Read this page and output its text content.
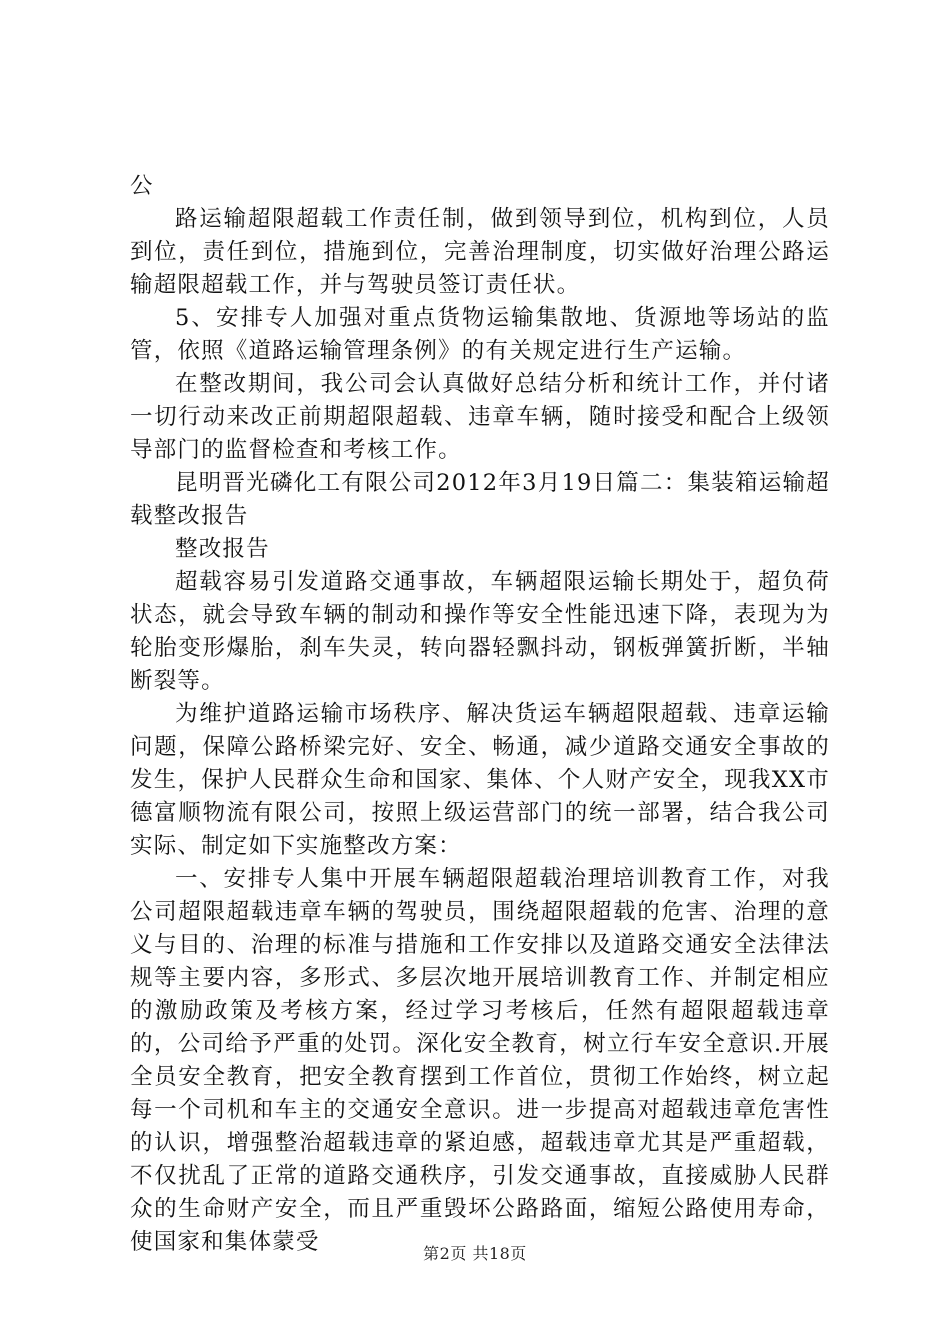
公

路运输超限超载工作责任制，做到领导到位，机构到位，人员到位，责任到位，措施到位，完善治理制度，切实做好治理公路运输超限超载工作，并与驾驶员签订责任状。

5、安排专人加强对重点货物运输集散地、货源地等场站的监管，依照《道路运输管理条例》的有关规定进行生产运输。

在整改期间，我公司会认真做好总结分析和统计工作，并付诸一切行动来改正前期超限超载、违章车辆，随时接受和配合上级领导部门的监督检查和考核工作。

昆明晋光磷化工有限公司2012年3月19日篇二：集装箱运输超载整改报告

整改报告

超载容易引发道路交通事故，车辆超限运输长期处于，超负荷状态，就会导致车辆的制动和操作等安全性能迅速下降，表现为为轮胎变形爆胎，刹车失灵，转向器轻飘抖动，钢板弹簧折断，半轴断裂等。

为维护道路运输市场秩序、解决货运车辆超限超载、违章运输问题，保障公路桥梁完好、安全、畅通，减少道路交通安全事故的发生，保护人民群众生命和国家、集体、个人财产安全，现我XX市德富顺物流有限公司，按照上级运营部门的统一部署，结合我公司实际、制定如下实施整改方案：

一、安排专人集中开展车辆超限超载治理培训教育工作，对我公司超限超载违章车辆的驾驶员，围绕超限超载的危害、治理的意义与目的、治理的标准与措施和工作安排以及道路交通安全法律法规等主要内容，多形式、多层次地开展培训教育工作、并制定相应的激励政策及考核方案，经过学习考核后，任然有超限超载违章的，公司给予严重的处罚。深化安全教育，树立行车安全意识.开展全员安全教育，把安全教育摆到工作首位，贯彻工作始终，树立起每一个司机和车主的交通安全意识。进一步提高对超载违章危害性的认识，增强整治超载违章的紧迫感，超载违章尤其是严重超载，不仅扰乱了正常的道路交通秩序，引发交通事故，直接威胁人民群众的生命财产安全，而且严重毁坏公路路面，缩短公路使用寿命，使国家和集体蒙受	第2页 共18页
